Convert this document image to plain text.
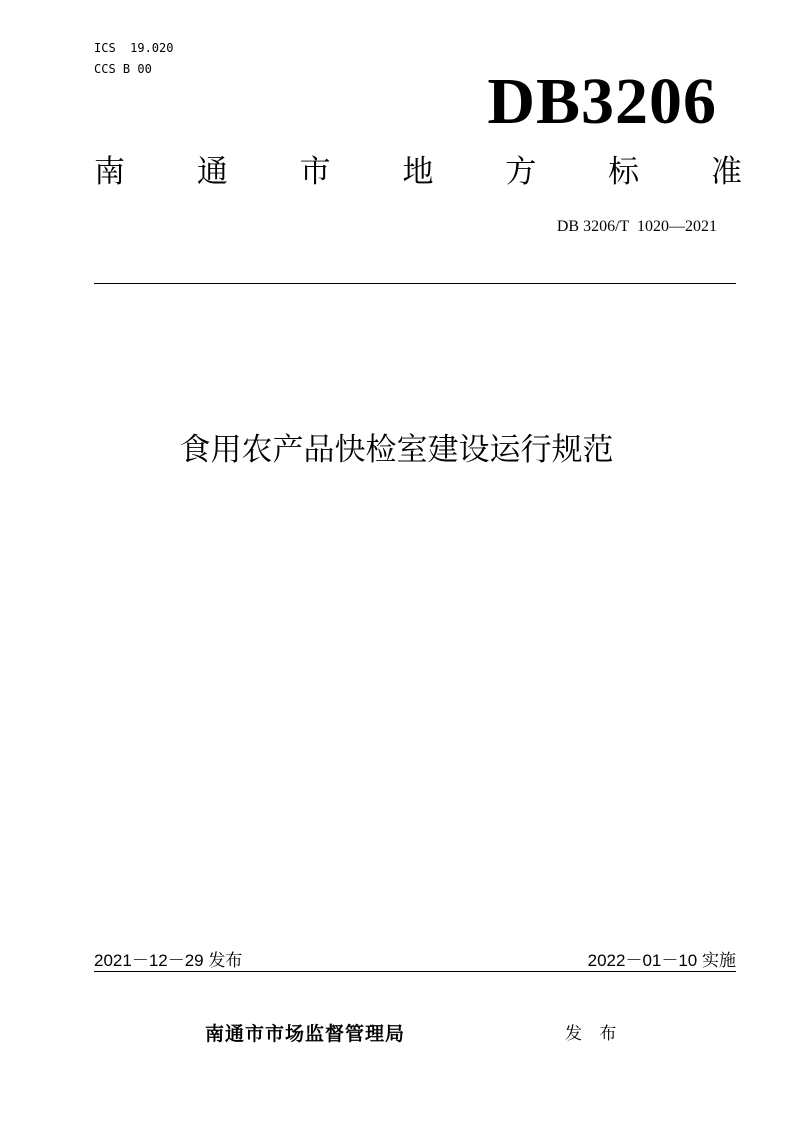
ICS  19.020
CCS B 00	DB3206
南 通 市 地 方 标 准
DB 3206/T  1020—2021
食用农产品快检室建设运行规范
2021－12－29 发布	2022－01－10 实施
南通市市场监督管理局	发 布
